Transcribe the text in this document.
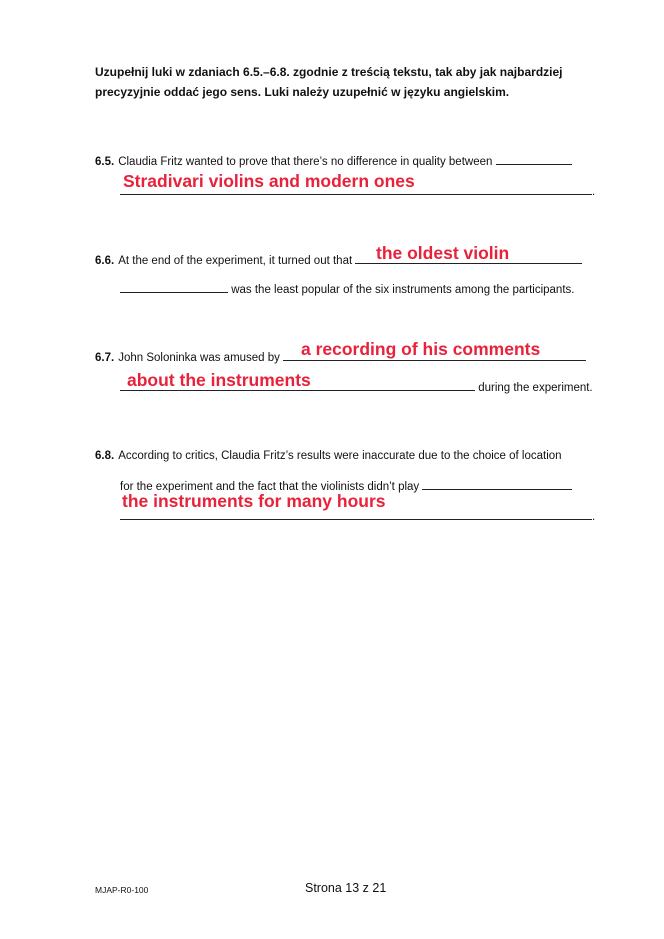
Uzupełnij luki w zdaniach 6.5.–6.8. zgodnie z treścią tekstu, tak aby jak najbardziej
precyzyjnie oddać jego sens. Luki należy uzupełnić w języku angielskim.
6.5. Claudia Fritz wanted to prove that there’s no difference in quality between
.
Stradivari violins and modern ones
6.6. At the end of the experiment, it turned out that	the oldest violin
was the least popular of the six instruments among the participants.
6.7. John Soloninka was amused by	a recording of his comments
during the experiment.
about the instruments
6.8. According to critics, Claudia Fritz’s results were inaccurate due to the choice of location
for the experiment and the fact that the violinists didn’t play
.
the instruments for many hours
MJAP-R0-100	Strona 13 z 21
